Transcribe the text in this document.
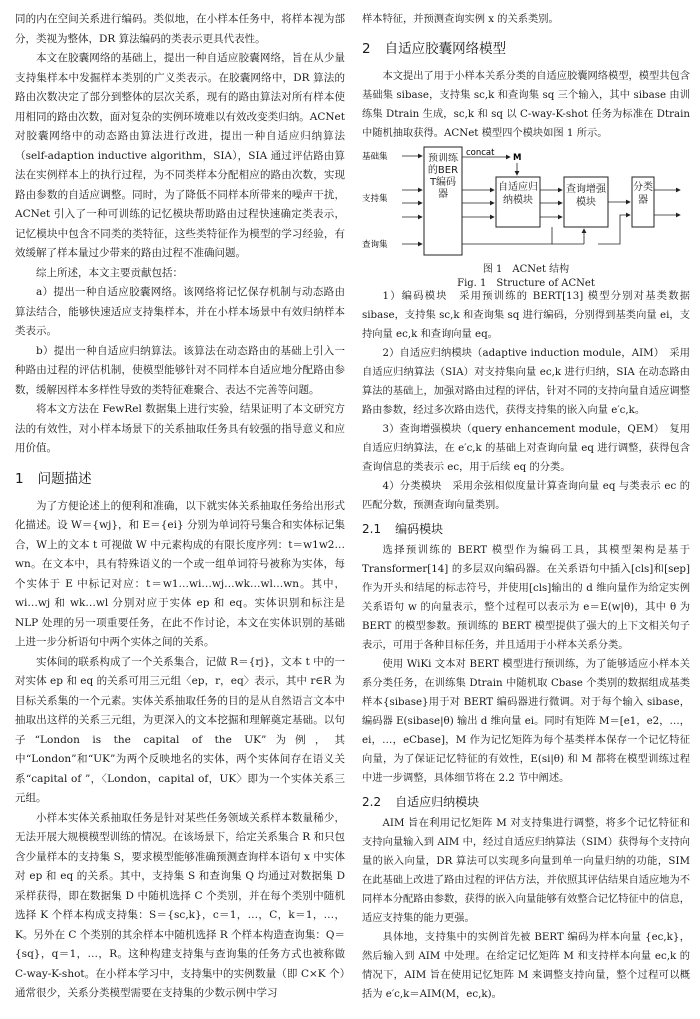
同的内在空间关系进行编码。类似地，在小样本任务中，将样本视为部分，类视为整体，DR 算法编码的类表示更具代表性。

本文在胶囊网络的基础上，提出一种自适应胶囊网络，旨在从少量支持集样本中发掘样本类别的广义类表示。在胶囊网络中，DR 算法的路由次数决定了部分到整体的层次关系，现有的路由算法对所有样本使用相同的路由次数，面对复杂的实例环境难以有效改变类归纳。ACNet 对胶囊网络中的动态路由算法进行改进，提出一种自适应归纳算法（self-adaption inductive algorithm，SIA），SIA 通过评估路由算法在实例样本上的执行过程，为不同类样本分配相应的路由次数，实现路由参数的自适应调整。同时，为了降低不同样本所带来的噪声干扰，ACNet 引入了一种可训练的记忆模块帮助路由过程快速确定类表示，记忆模块中包含不同类的类特征，这些类特征作为模型的学习经验，有效缓解了样本量过少带来的路由过程不准确问题。

综上所述，本文主要贡献包括：

a）提出一种自适应胶囊网络。该网络将记忆保存机制与动态路由算法结合，能够快速适应支持集样本，并在小样本场景中有效归纳样本类表示。

b）提出一种自适应归纳算法。该算法在动态路由的基础上引入一种路由过程的评估机制，使模型能够针对不同样本自适应地分配路由参数，缓解因样本多样性导致的类特征难聚合、表达不完善等问题。

将本文方法在 FewRel 数据集上进行实验，结果证明了本文研究方法的有效性，对小样本场景下的关系抽取任务具有较强的指导意义和应用价值。

1 问题描述

为了方便论述上的便利和准确，以下就实体关系抽取任务给出形式化描述。设 W＝{wj}，和 E＝{ei} 分别为单词符号集合和实体标记集合，W上的文本 t 可视做 W 中元素构成的有限长度序列：t＝w1w2…wn。在文本中，具有特殊语义的一个或一组单词符号被称为实体，每个实体于 E 中标记对应：t＝w1…wi…wj…wk…wl…wn。其中，wi…wj 和 wk…wl 分别对应于实体 ep 和 eq。实体识别和标注是 NLP 处理的另一项重要任务，在此不作讨论，本文在实体识别的基础上进一步分析语句中两个实体之间的关系。

实体间的联系构成了一个关系集合，记做 R＝{rj}，文本 t 中的一对实体 ep 和 eq 的关系可用三元组〈ep，r，eq〉表示，其中 r∈R 为目标关系集的一个元素。实体关系抽取任务的目的是从自然语言文本中抽取出这样的关系三元组，为更深入的文本挖掘和理解奠定基础。以句子“London is the capital of the UK”为例，其中“London”和“UK”为两个反映地名的实体，两个实体间存在语义关系“capital of ”，〈London，capital of，UK〉即为一个实体关系三元组。

小样本实体关系抽取任务是针对某些任务领域关系样本数量稀少，无法开展大规模模型训练的情况。在该场景下，给定关系集合 R 和只包含少量样本的支持集 S，要求模型能够准确预测查询样本语句 x 中实体对 ep 和 eq 的关系。其中，支持集 S 和查询集 Q 均通过对数据集 D 采样获得，即在数据集 D 中随机选择 C 个类别，并在每个类别中随机选择 K 个样本构成支持集：S＝{sc,k}，c＝1，…，C，k＝1，…，K。另外在 C 个类别的其余样本中随机选择 R 个样本构造查询集：Q＝{sq}，q＝1，…，R。这种构建支持集与查询集的任务方式也被称做 C-way-K-shot。在小样本学习中，支持集中的实例数量（即 C×K 个）通常很少，关系分类模型需要在支持集的少数示例中学习

样本特征，并预测查询实例 x 的关系类别。

2 自适应胶囊网络模型

本文提出了用于小样本关系分类的自适应胶囊网络模型，模型共包含基础集 sibase，支持集 sc,k 和查询集 sq 三个输入，其中 sibase 由训练集 Dtrain 生成，sc,k 和 sq 以 C-way-K-shot 任务为标准在 Dtrain 中随机抽取获得。ACNet 模型四个模块如图 1 所示。

基础集
支持集
查询集
预训练的BERT编码器
concat M
自适应归纳模块
查询增强模块
分类器
图 1　ACNet 结构
Fig. 1　Structure of ACNet

1）编码模块　采用预训练的 BERT[13] 模型分别对基类数据 sibase，支持集 sc,k 和查询集 sq 进行编码，分别得到基类向量 ei，支持向量 ec,k 和查询向量 eq。

2）自适应归纳模块（adaptive induction module，AIM）　采用自适应归纳算法（SIA）对支持集向量 ec,k 进行归纳，SIA 在动态路由算法的基础上，加强对路由过程的评估，针对不同的支持向量自适应调整路由参数，经过多次路由迭代，获得支持集的嵌入向量 e′c,k。

3）查询增强模块（query enhancement module，QEM）　复用自适应归纳算法，在 e′c,k 的基础上对查询向量 eq 进行调整，获得包含查询信息的类表示 ec，用于后续 eq 的分类。

4）分类模块　采用余弦相似度量计算查询向量 eq 与类表示 ec 的匹配分数，预测查询向量类别。

2.1 编码模块

选择预训练的 BERT 模型作为编码工具，其模型架构是基于 Transformer[14] 的多层双向编码器。在关系语句中插入[cls]和[sep]作为开头和结尾的标志符号，并使用[cls]输出的 d 维向量作为给定实例关系语句 w 的向量表示，整个过程可以表示为 e＝E(w|θ)，其中 θ 为 BERT 的模型参数。预训练的 BERT 模型提供了强大的上下文相关句子表示，可用于各种目标任务，并且适用于小样本关系分类。

使用 WiKi 文本对 BERT 模型进行预训练，为了能够适应小样本关系分类任务，在训练集 Dtrain 中随机取 Cbase 个类别的数据组成基类样本{sibase}用于对 BERT 编码器进行微调。对于每个输入 sibase，编码器 E(sibase|θ) 输出 d 维向量 ei。同时有矩阵 M＝[e1，e2，…，ei，…，eCbase]，M 作为记忆矩阵为每个基类样本保存一个记忆特征向量，为了保证记忆特征的有效性，E(si|θ) 和 M 都将在模型训练过程中进一步调整，具体细节将在 2.2 节中阐述。

2.2 自适应归纳模块

AIM 旨在利用记忆矩阵 M 对支持集进行调整，将多个记忆特征和支持向量输入到 AIM 中，经过自适应归纳算法（SIM）获得每个支持向量的嵌入向量，DR 算法可以实现多向量到单一向量归纳的功能，SIM 在此基础上改进了路由过程的评估方法，并依照其评估结果自适应地为不同样本分配路由参数，获得的嵌入向量能够有效整合记忆特征中的信息，适应支持集的能力更强。

具体地，支持集中的实例首先被 BERT 编码为样本向量 {ec,k}，然后输入到 AIM 中处理。在给定记忆矩阵 M 和支持样本向量 ec,k 的情况下，AIM 旨在使用记忆矩阵 M 来调整支持向量，整个过程可以概括为 e′c,k＝AIM(M，ec,k)。
